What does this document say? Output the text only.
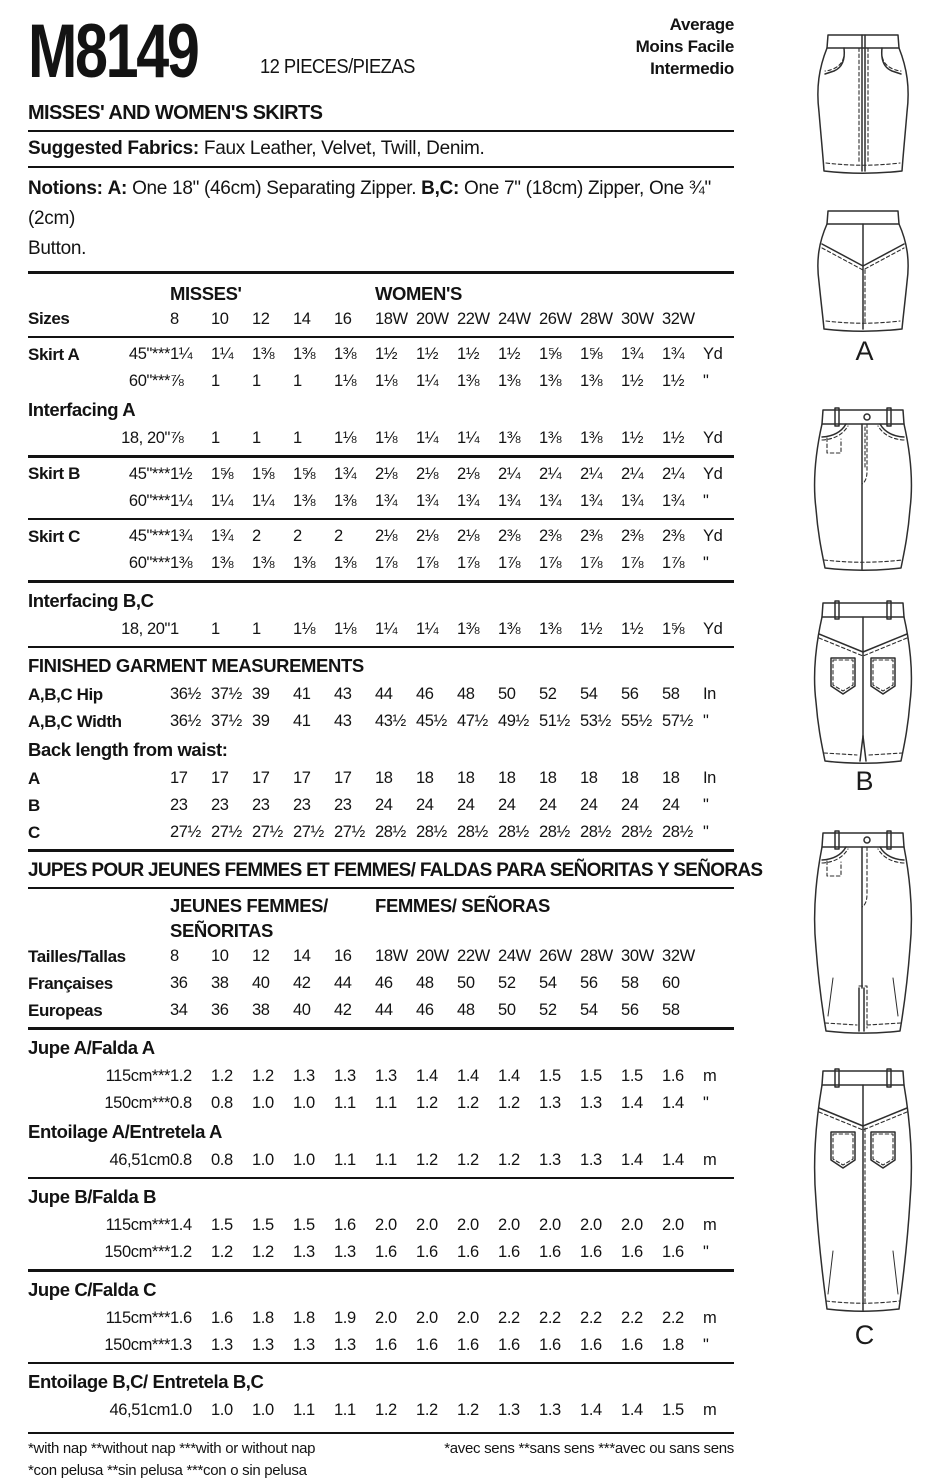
M8149	12 PIECES/PIEZAS
Average
Moins Facile
Intermedio
MISSES' AND WOMEN'S SKIRTS
Suggested Fabrics: Faux Leather, Velvet, Twill, Denim.
Notions: A: One 18" (46cm) Separating Zipper. B,C: One 7" (18cm) Zipper, One ¾" (2cm)
Button.

	MISSES'					WOMEN'S								

Sizes	8	10	12	14	16	18W	20W	22W	24W	26W	28W	30W	32W	

Skirt A 45"***	1¼	1¼	1⅜	1⅜	1⅜	1½	1½	1½	1½	1⅝	1⅝	1¾	1¾	Yd

60"***	⅞	1	1	1	1⅛	1⅛	1¼	1⅜	1⅜	1⅜	1⅜	1½	1½	"
Interfacing A														

18, 20"	⅞	1	1	1	1⅛	1⅛	1¼	1¼	1⅜	1⅜	1⅜	1½	1½	Yd

Skirt B 45"***	1½	1⅝	1⅝	1⅝	1¾	2⅛	2⅛	2⅛	2¼	2¼	2¼	2¼	2¼	Yd

60"***	1¼	1¼	1¼	1⅜	1⅜	1¾	1¾	1¾	1¾	1¾	1¾	1¾	1¾	"

Skirt C 45"***	1¾	1¾	2	2	2	2⅛	2⅛	2⅛	2⅜	2⅜	2⅜	2⅜	2⅜	Yd

60"***	1⅜	1⅜	1⅜	1⅜	1⅜	1⅞	1⅞	1⅞	1⅞	1⅞	1⅞	1⅞	1⅞	"

Interfacing B,C														

18, 20"	1	1	1	1⅛	1⅛	1¼	1¼	1⅜	1⅜	1⅜	1½	1½	1⅝	Yd

FINISHED GARMENT MEASUREMENTS														

A,B,C Hip	36½	37½	39	41	43	44	46	48	50	52	54	56	58	In

A,B,C Width	36½	37½	39	41	43	43½	45½	47½	49½	51½	53½	55½	57½	"
Back length from waist:														

A	17	17	17	17	17	18	18	18	18	18	18	18	18	In

B	23	23	23	23	23	24	24	24	24	24	24	24	24	"

C	27½	27½	27½	27½	27½	28½	28½	28½	28½	28½	28½	28½	28½	"

JUPES POUR JEUNES FEMMES ET FEMMES/ FALDAS PARA SEÑORITAS Y SEÑORAS

	JEUNES FEMMES/
SEÑORITAS					FEMMES/ SEÑORAS								

Tailles/Tallas	8	10	12	14	16	18W	20W	22W	24W	26W	28W	30W	32W	

Françaises	36	38	40	42	44	46	48	50	52	54	56	58	60	

Europeas	34	36	38	40	42	44	46	48	50	52	54	56	58	

Jupe A/Falda A														

115cm***	1.2	1.2	1.2	1.3	1.3	1.3	1.4	1.4	1.4	1.5	1.5	1.5	1.6	m

150cm***	0.8	0.8	1.0	1.0	1.1	1.1	1.2	1.2	1.2	1.3	1.3	1.4	1.4	"
Entoilage A/Entretela A														

46,51cm	0.8	0.8	1.0	1.0	1.1	1.1	1.2	1.2	1.2	1.3	1.3	1.4	1.4	m

Jupe B/Falda B														

115cm***	1.4	1.5	1.5	1.5	1.6	2.0	2.0	2.0	2.0	2.0	2.0	2.0	2.0	m

150cm***	1.2	1.2	1.2	1.3	1.3	1.6	1.6	1.6	1.6	1.6	1.6	1.6	1.6	"

Jupe C/Falda C														

115cm***	1.6	1.6	1.8	1.8	1.9	2.0	2.0	2.0	2.2	2.2	2.2	2.2	2.2	m

150cm***	1.3	1.3	1.3	1.3	1.3	1.6	1.6	1.6	1.6	1.6	1.6	1.6	1.8	"

Entoilage B,C/ Entretela B,C														

46,51cm	1.0	1.0	1.0	1.1	1.1	1.2	1.2	1.2	1.3	1.3	1.4	1.4	1.5	m
*with nap **without nap ***with or without nap
*con pelusa **sin pelusa ***con o sin pelusa
*avec sens **sans sens ***avec ou sans sens
A
B
C
